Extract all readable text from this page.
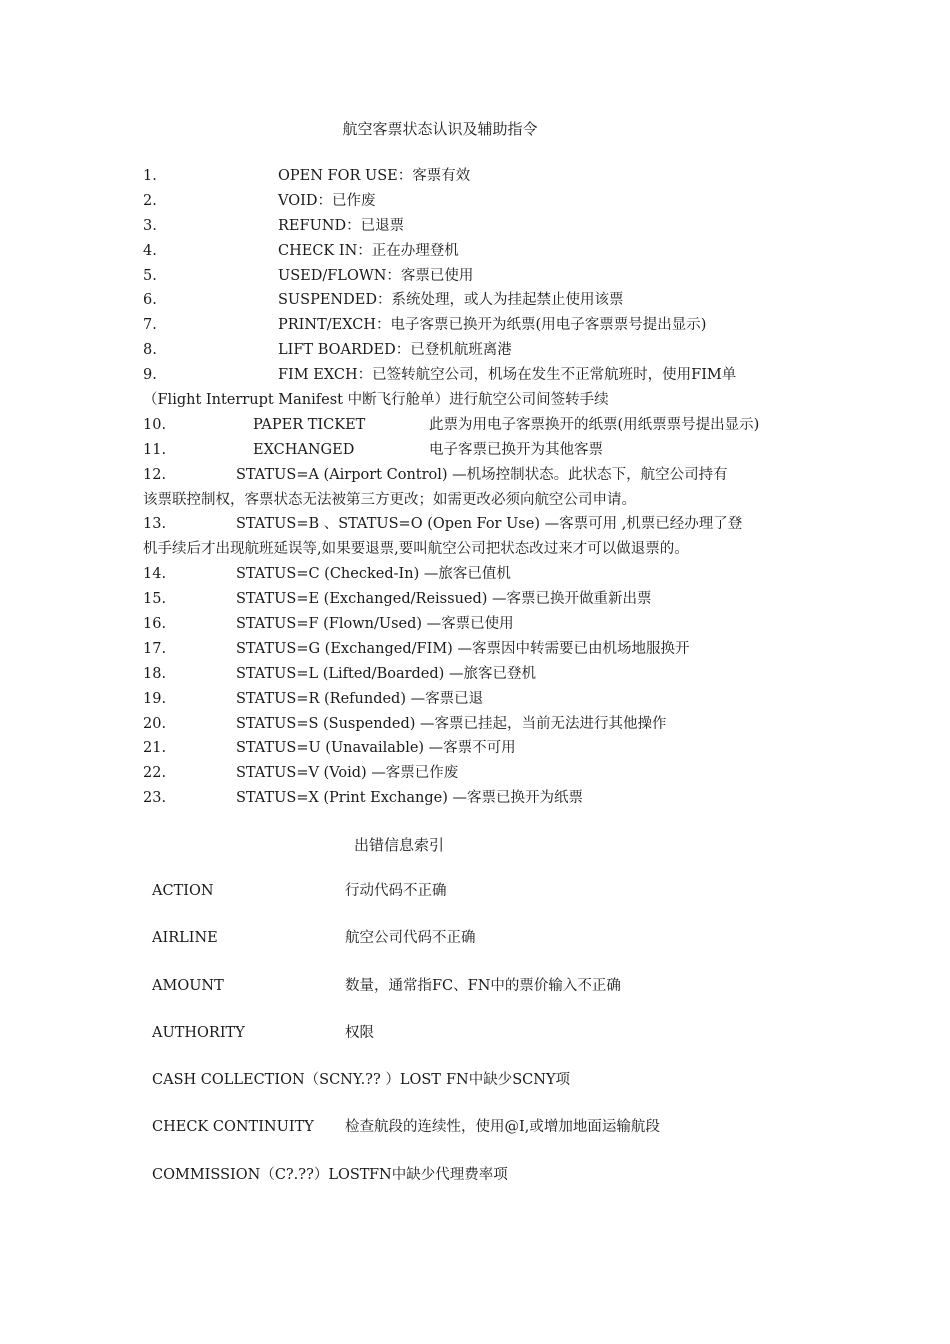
航空客票状态认识及辅助指令
1.	OPEN FOR USE：客票有效
2.	VOID：已作废
3.	REFUND：已退票
4.	CHECK IN：正在办理登机
5.	USED/FLOWN：客票已使用
6.	SUSPENDED：系统处理，或人为挂起禁止使用该票
7.	PRINT/EXCH：电子客票已换开为纸票(用电子客票票号提出显示)
8.	LIFT BOARDED：已登机航班离港
9.	FIM EXCH：已签转航空公司，机场在发生不正常航班时，使用FIM单
（Flight Interrupt Manifest 中断飞行舱单）进行航空公司间签转手续
10.	PAPER TICKET	此票为用电子客票换开的纸票(用纸票票号提出显示)
11.	EXCHANGED	电子客票已换开为其他客票
12.	STATUS=A (Airport Control) —机场控制状态。此状态下，航空公司持有
该票联控制权，客票状态无法被第三方更改；如需更改必须向航空公司申请。
13.	STATUS=B 、STATUS=O (Open For Use) —客票可用 ,机票已经办理了登
机手续后才出现航班延误等,如果要退票,要叫航空公司把状态改过来才可以做退票的。
14.	STATUS=C (Checked-In) —旅客已值机
15.	STATUS=E (Exchanged/Reissued) —客票已换开做重新出票
16.	STATUS=F (Flown/Used) —客票已使用
17.	STATUS=G (Exchanged/FIM) —客票因中转需要已由机场地服换开
18.	STATUS=L (Lifted/Boarded) —旅客已登机
19.	STATUS=R (Refunded) —客票已退
20.	STATUS=S (Suspended) —客票已挂起，当前无法进行其他操作
21.	STATUS=U (Unavailable) —客票不可用
22.	STATUS=V (Void) —客票已作废
23.	STATUS=X (Print Exchange) —客票已换开为纸票
出错信息索引
ACTION	行动代码不正确
AIRLINE	航空公司代码不正确
AMOUNT	数量，通常指FC、FN中的票价输入不正确
AUTHORITY	权限
CASH COLLECTION（SCNY.?? ）LOST FN中缺少SCNY项
CHECK CONTINUITY 检查航段的连续性，使用@I,或增加地面运输航段
COMMISSION（C?.??）LOST FN中缺少代理费率项
